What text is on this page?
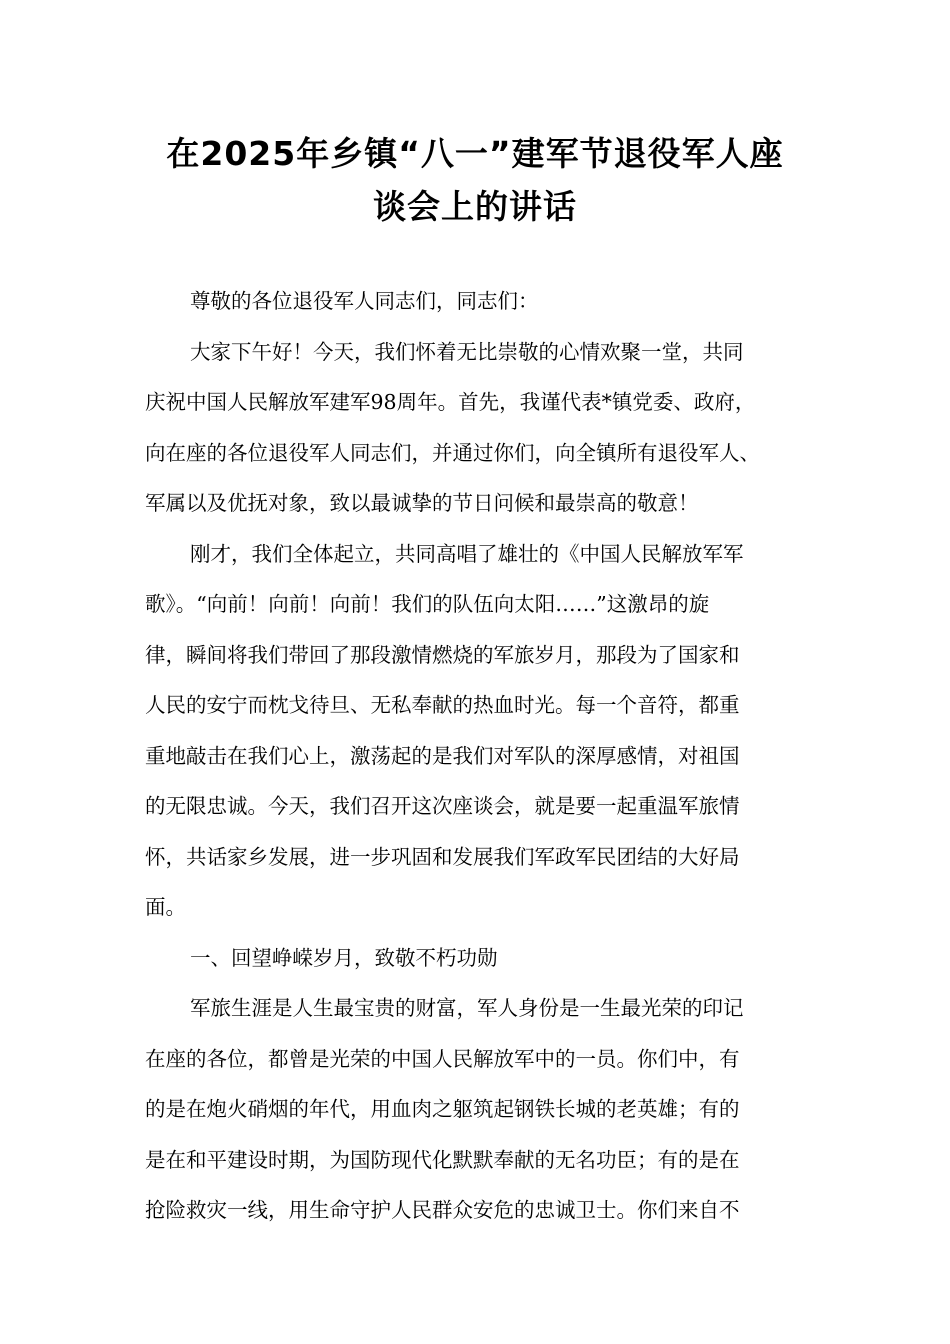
在2025年乡镇“八一”建军节退役军人座
谈会上的讲话
尊敬的各位退役军人同志们，同志们：
大家下午好！今天，我们怀着无比崇敬的心情欢聚一堂，共同
庆祝中国人民解放军建军98周年。首先，我谨代表*镇党委、政府，
向在座的各位退役军人同志们，并通过你们，向全镇所有退役军人、
军属以及优抚对象，致以最诚挚的节日问候和最崇高的敬意！
刚才，我们全体起立，共同高唱了雄壮的《中国人民解放军军
歌》。“向前！向前！向前！我们的队伍向太阳……”这激昂的旋
律，瞬间将我们带回了那段激情燃烧的军旅岁月，那段为了国家和
人民的安宁而枕戈待旦、无私奉献的热血时光。每一个音符，都重
重地敲击在我们心上，激荡起的是我们对军队的深厚感情，对祖国
的无限忠诚。今天，我们召开这次座谈会，就是要一起重温军旅情
怀，共话家乡发展，进一步巩固和发展我们军政军民团结的大好局
面。
一、回望峥嵘岁月，致敬不朽功勋
军旅生涯是人生最宝贵的财富，军人身份是一生最光荣的印记
在座的各位，都曾是光荣的中国人民解放军中的一员。你们中，有
的是在炮火硝烟的年代，用血肉之躯筑起钢铁长城的老英雄；有的
是在和平建设时期，为国防现代化默默奉献的无名功臣；有的是在
抢险救灾一线，用生命守护人民群众安危的忠诚卫士。你们来自不
